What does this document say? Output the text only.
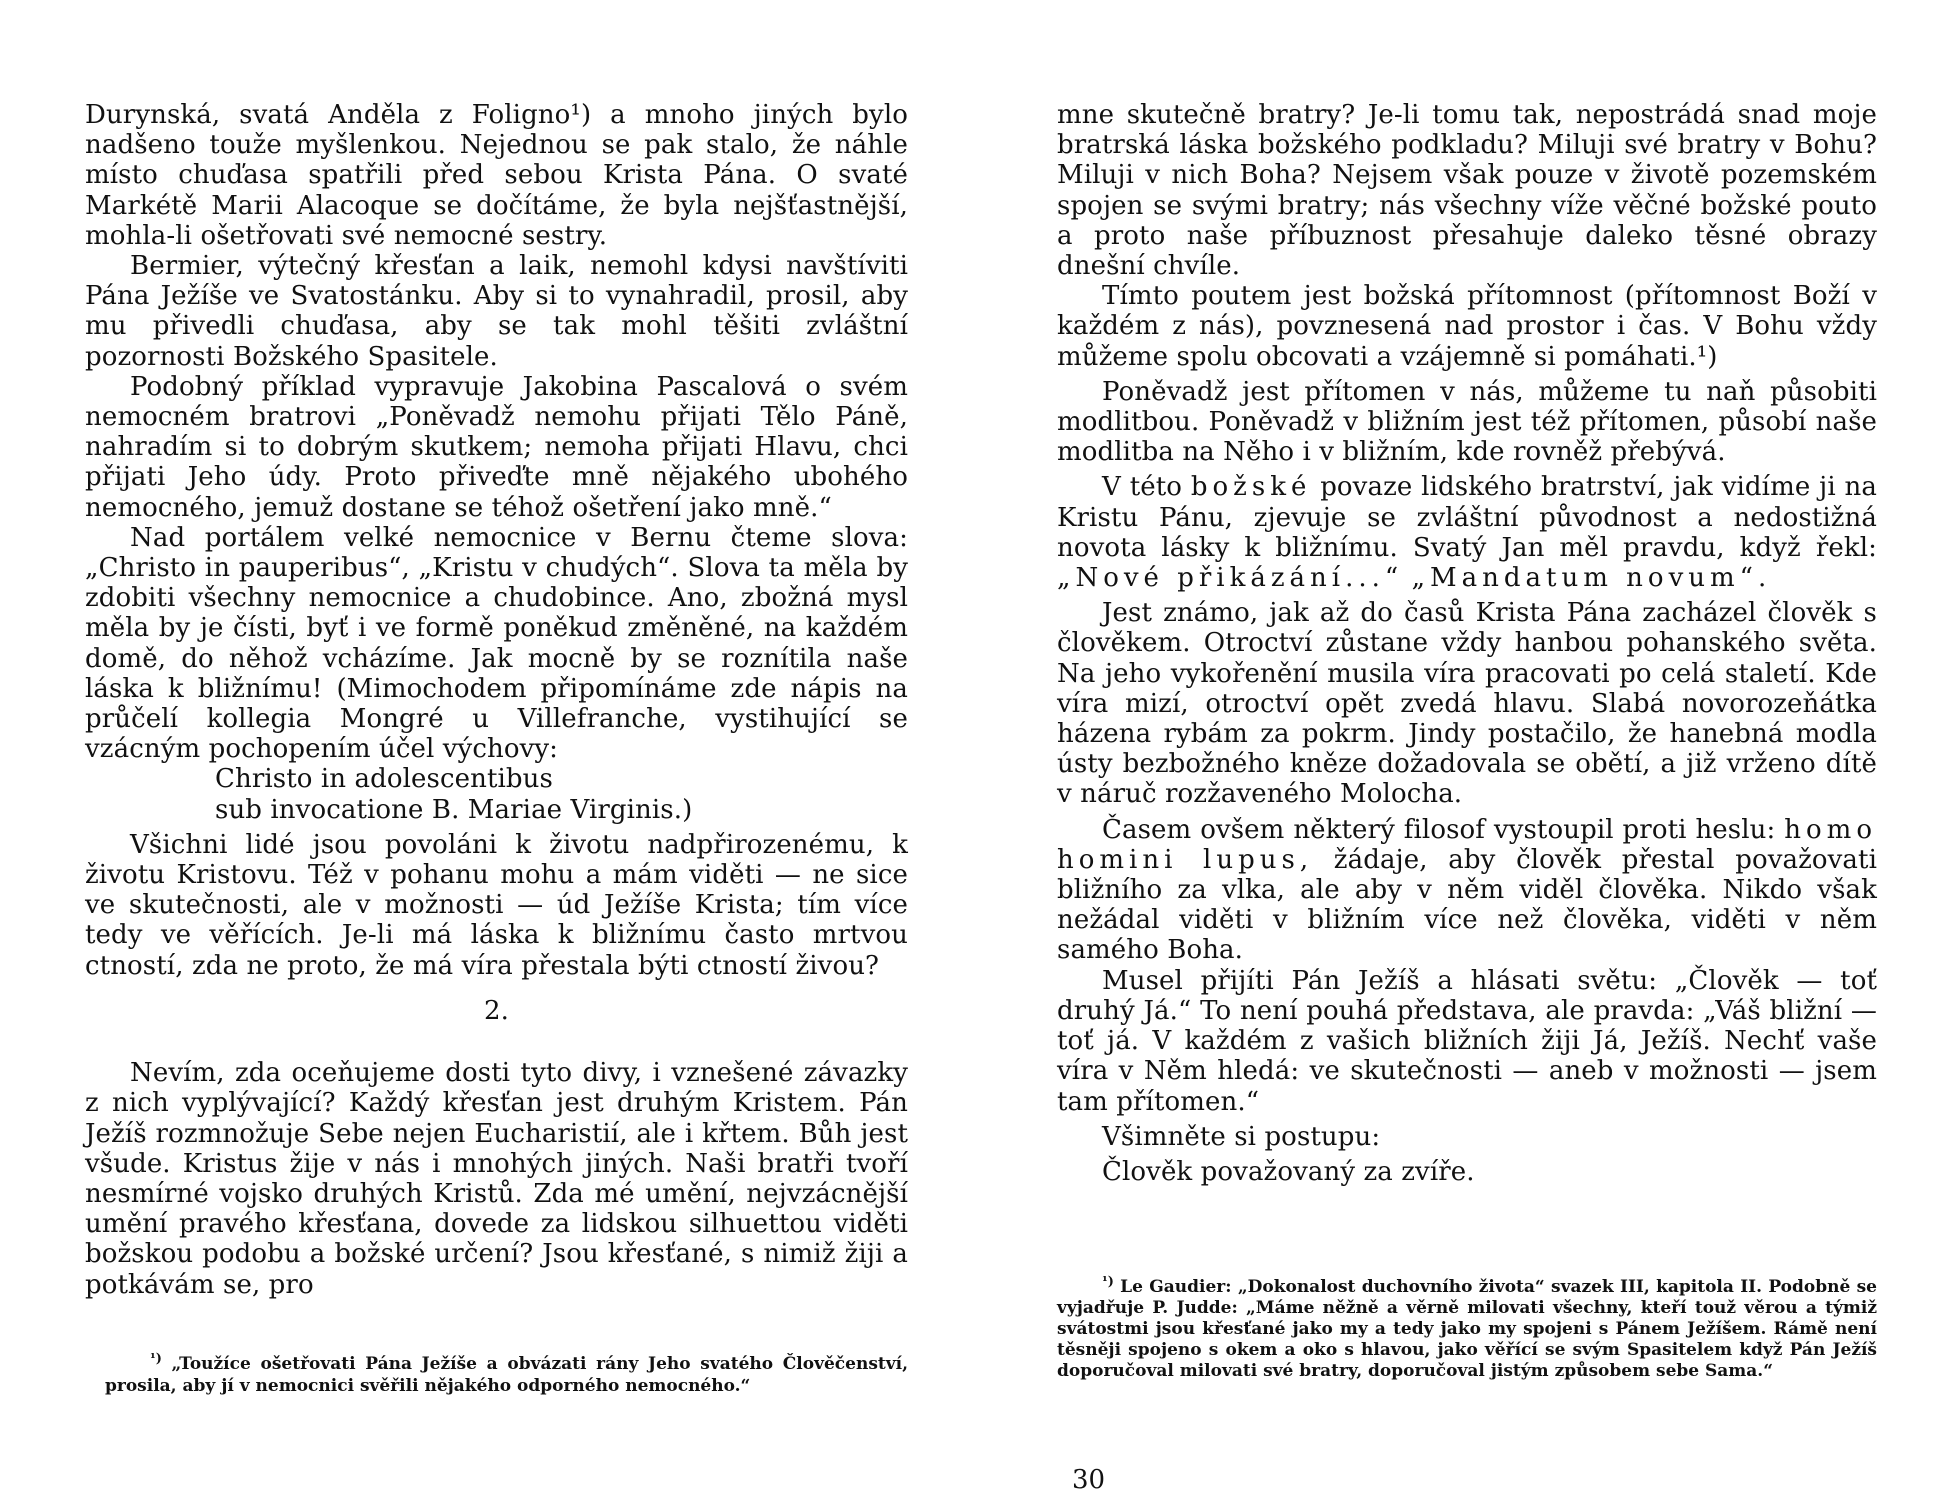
Durynská, svatá Anděla z Foligno¹) a mnoho jiných bylo nadšeno touže myšlenkou. Nejednou se pak stalo, že náhle místo chuďasa spatřili před sebou Krista Pána. O svaté Markétě Marii Alacoque se dočítáme, že byla nejšťastnější, mohla-li ošetřovati své nemocné sestry.

Bermier, výtečný křesťan a laik, nemohl kdysi navštíviti Pána Ježíše ve Svatostánku. Aby si to vynahradil, prosil, aby mu přivedli chuďasa, aby se tak mohl těšiti zvláštní pozornosti Božského Spasitele.

Podobný příklad vypravuje Jakobina Pascalová o svém nemocném bratrovi „Poněvadž nemohu přijati Tělo Páně, nahradím si to dobrým skutkem; nemoha přijati Hlavu, chci přijati Jeho údy. Proto přiveďte mně nějakého ubohého nemocného, jemuž dostane se téhož ošetření jako mně.“

Nad portálem velké nemocnice v Bernu čteme slova: „Christo in pauperibus“, „Kristu v chudých“. Slova ta měla by zdobiti všechny nemocnice a chudobince. Ano, zbožná mysl měla by je čísti, byť i ve formě poněkud změněné, na každém domě, do něhož vcházíme. Jak mocně by se roznítila naše láska k bližnímu! (Mimochodem připomínáme zde nápis na průčelí kollegia Mongré u Villefranche, vystihující se vzácným pochopením účel výchovy:

Christo in adolescentibus
sub invocatione B. Mariae Virginis.)

Všichni lidé jsou povoláni k životu nadpřirozenému, k životu Kristovu. Též v pohanu mohu a mám viděti — ne sice ve skutečnosti, ale v možnosti — úd Ježíše Krista; tím více tedy ve věřících. Je-li má láska k bližnímu často mrtvou ctností, zda ne proto, že má víra přestala býti ctností živou?

2.

Nevím, zda oceňujeme dosti tyto divy, i vznešené závazky z nich vyplývající? Každý křesťan jest druhým Kristem. Pán Ježíš rozmnožuje Sebe nejen Eucharistií, ale i křtem. Bůh jest všude. Kristus žije v nás i mnohých jiných. Naši bratři tvoří nesmírné vojsko druhých Kristů. Zda mé umění, nejvzácnější umění pravého křesťana, dovede za lidskou silhuettou viděti božskou podobu a božské určení? Jsou křesťané, s nimiž žiji a potkávám se, pro

$^{^1)}$ „Toužíce ošetřovati Pána Ježíše a obvázati rány Jeho svatého Člověčenství, prosila, aby jí v nemocnici svěřili nějakého odporného nemocného.“

mne skutečně bratry? Je-li tomu tak, nepostrádá snad moje bratrská láska božského podkladu? Miluji své bratry v Bohu? Miluji v nich Boha? Nejsem však pouze v životě pozemském spojen se svými bratry; nás všechny víže věčné božské pouto a proto naše příbuznost přesahuje daleko těsné obrazy dnešní chvíle.

Tímto poutem jest božská přítomnost (přítomnost Boží v každém z nás), povznesená nad prostor i čas. V Bohu vždy můžeme spolu obcovati a vzájemně si pomáhati.¹)

Poněvadž jest přítomen v nás, můžeme tu naň působiti modlitbou. Poněvadž v bližním jest též přítomen, působí naše modlitba na Něho i v bližním, kde rovněž přebývá.

V této božské povaze lidského bratrství, jak vidíme ji na Kristu Pánu, zjevuje se zvláštní původnost a nedostižná novota lásky k bližnímu. Svatý Jan měl pravdu, když řekl: „Nové přikázání...“ „Mandatum novum“.

Jest známo, jak až do časů Krista Pána zacházel člověk s člověkem. Otroctví zůstane vždy hanbou pohanského světa. Na jeho vykořenění musila víra pracovati po celá staletí. Kde víra mizí, otroctví opět zvedá hlavu. Slabá novorozeňátka házena rybám za pokrm. Jindy postačilo, že hanebná modla ústy bezbožného kněze dožadovala se obětí, a již vrženo dítě v náruč rozžaveného Molocha.

Časem ovšem některý filosof vystoupil proti heslu: homo homini lupus, žádaje, aby člověk přestal považovati bližního za vlka, ale aby v něm viděl člověka. Nikdo však nežádal viděti v bližním více než člověka, viděti v něm samého Boha.

Musel přijíti Pán Ježíš a hlásati světu: „Člověk — toť druhý Já.“ To není pouhá představa, ale pravda: „Váš bližní — toť já. V každém z vašich bližních žiji Já, Ježíš. Nechť vaše víra v Něm hledá: ve skutečnosti — aneb v možnosti — jsem tam přítomen.“

Všimněte si postupu:

Člověk považovaný za zvíře.

$^{^1)}$ Le Gaudier: „Dokonalost duchovního života“ svazek III, kapitola II. Podobně se vyjadřuje P. Judde: „Máme něžně a věrně milovati všechny, kteří touž věrou a týmiž svátostmi jsou křesťané jako my a tedy jako my spojeni s Pánem Ježíšem. Rámě není těsněji spojeno s okem a oko s hlavou, jako věřící se svým Spasitelem když Pán Ježíš doporučoval milovati své bratry, doporučoval jistým způsobem sebe Sama.“

30
